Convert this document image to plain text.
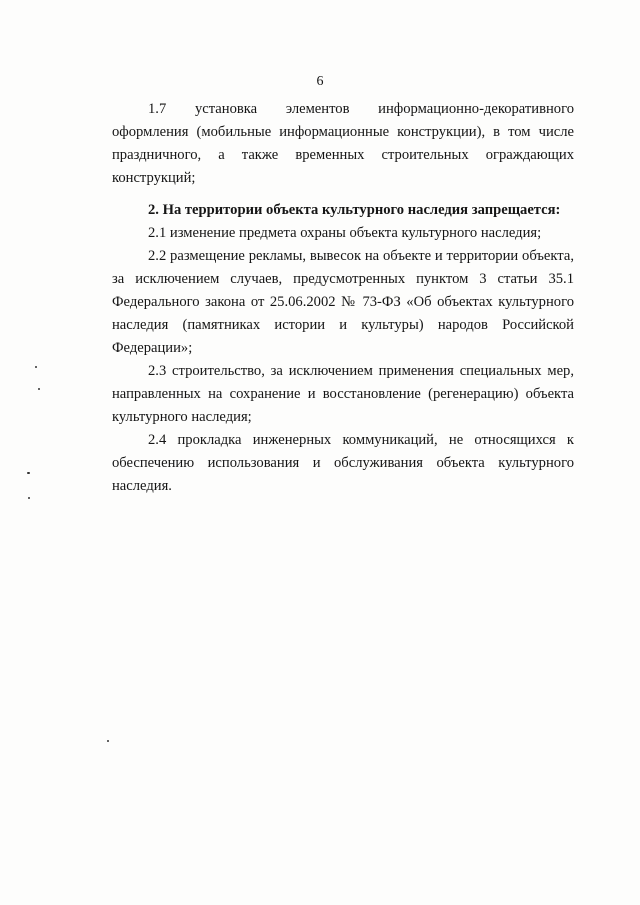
6

1.7 установка элементов информационно-декоративного оформления (мобильные информационные конструкции), в том числе праздничного, а также временных строительных ограждающих конструкций;

2. На территории объекта культурного наследия запрещается:

2.1 изменение предмета охраны объекта культурного наследия;

2.2 размещение рекламы, вывесок на объекте и территории объекта, за исключением случаев, предусмотренных пунктом 3 статьи 35.1 Федерального закона от 25.06.2002 № 73-ФЗ «Об объектах культурного наследия (памятниках истории и культуры) народов Российской Федерации»;

2.3 строительство, за исключением применения специальных мер, направленных на сохранение и восстановление (регенерацию) объекта культурного наследия;

2.4 прокладка инженерных коммуникаций, не относящихся к обеспечению использования и обслуживания объекта культурного наследия.
